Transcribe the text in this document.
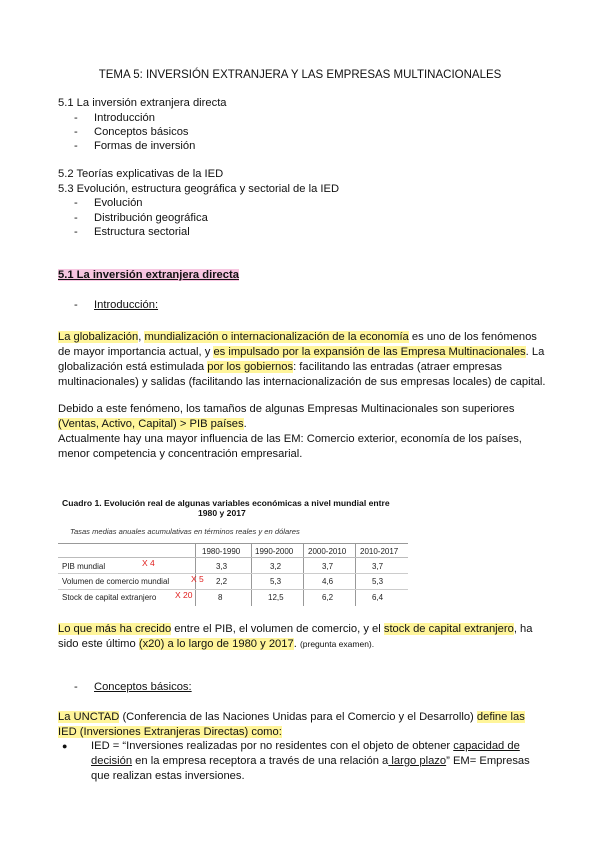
TEMA 5: INVERSIÓN EXTRANJERA Y LAS EMPRESAS MULTINACIONALES
5.1 La inversión extranjera directa
- Introducción
- Conceptos básicos
- Formas de inversión
5.2 Teorías explicativas de la IED
5.3 Evolución, estructura geográfica y sectorial de la IED
- Evolución
- Distribución geográfica
- Estructura sectorial
5.1 La inversión extranjera directa
- Introducción:
La globalización, mundialización o internacionalización de la economía es uno de los fenómenos
de mayor importancia actual, y es impulsado por la expansión de las Empresa Multinacionales. La
globalización está estimulada por los gobiernos: facilitando las entradas (atraer empresas
multinacionales) y salidas (facilitando las internacionalización de sus empresas locales) de capital.
Debido a este fenómeno, los tamaños de algunas Empresas Multinacionales son superiores
(Ventas, Activo, Capital) > PIB países.
Actualmente hay una mayor influencia de las EM: Comercio exterior, economía de los países,
menor competencia y concentración empresarial.
Cuadro 1. Evolución real de algunas variables económicas a nivel mundial entre
1980 y 2017
Tasas medias anuales acumulativas en términos reales y en dólares
1980-1990 1990-2000 2000-2010 2010-2017
PIB mundial	X 4	3,3	3,2	3,7	3,7
Volumen de comercio mundial	X 5 2,2	5,3	4,6	5,3
Stock de capital extranjero X 20	8	12,5	6,2	6,4
Lo que más ha crecido entre el PIB, el volumen de comercio, y el stock de capital extranjero, ha
sido este último (x20) a lo largo de 1980 y 2017. (pregunta examen).
- Conceptos básicos:
La UNCTAD (Conferencia de las Naciones Unidas para el Comercio y el Desarrollo) define las
IED (Inversiones Extranjeras Directas) como:
● IED = “Inversiones realizadas por no residentes con el objeto de obtener capacidad de
decisión en la empresa receptora a través de una relación a largo plazo” EM= Empresas
que realizan estas inversiones.
